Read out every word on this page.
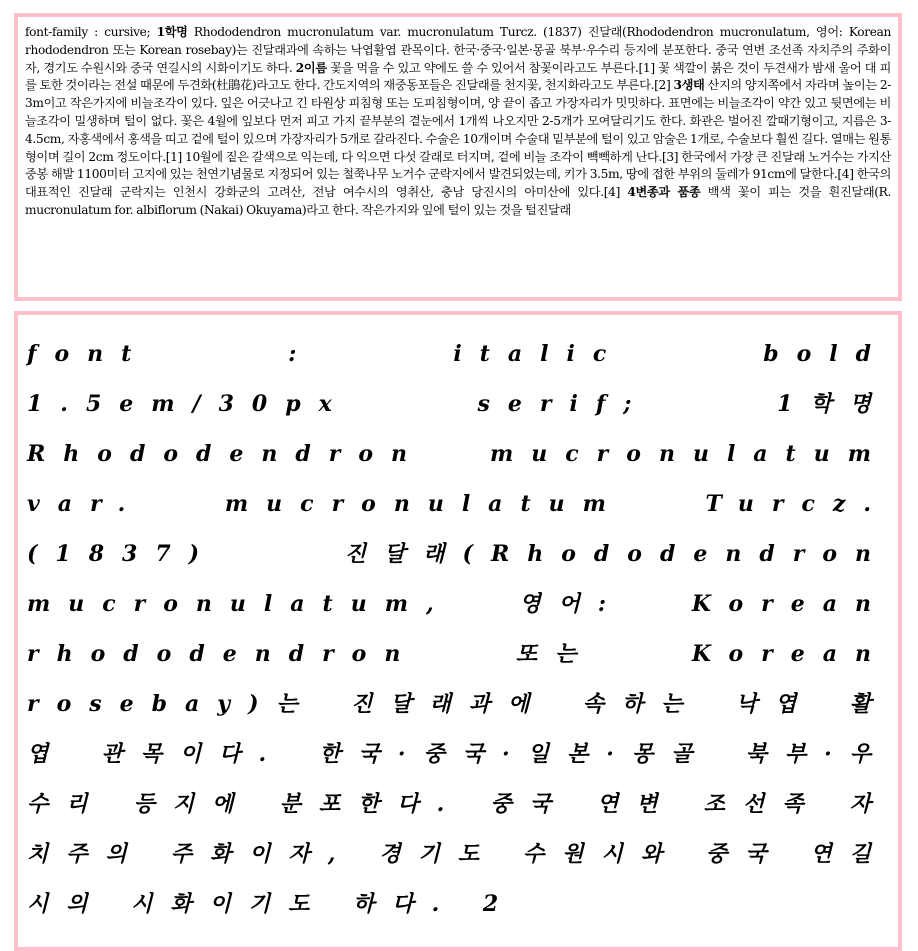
font-family : cursive; 1학명 Rhododendron mucronulatum var. mucronulatum Turcz. (1837) 진달래(Rhododendron mucronulatum, 영어: Korean rhododendron 또는 Korean rosebay)는 진달래과에 속하는 낙엽활엽 관목이다. 한국·중국·일본·몽골 북부·우수리 등지에 분포한다. 중국 연변 조선족 자치주의 주화이자, 경기도 수원시와 중국 연길시의 시화이기도 하다. 2이름 꽃을 먹을 수 있고 약에도 쓸 수 있어서 참꽃이라고도 부른다.[1] 꽃 색깔이 붉은 것이 두견새가 밤새 울어 대 피를 토한 것이라는 전설 때문에 두견화(杜鵑花)라고도 한다. 간도지역의 재중동포들은 진달래를 천지꽃, 천지화라고도 부른다.[2] 3생태 산지의 양지쪽에서 자라며 높이는 2-3m이고 작은가지에 비늘조각이 있다. 잎은 어긋나고 긴 타원상 피침형 또는 도피침형이며, 양 끝이 좁고 가장자리가 밋밋하다. 표면에는 비늘조각이 약간 있고 뒷면에는 비늘조각이 밀생하며 털이 없다. 꽃은 4월에 잎보다 먼저 피고 가지 끝부분의 곁눈에서 1개씩 나오지만 2-5개가 모여달리기도 한다. 화관은 벌어진 깔때기형이고, 지름은 3-4.5cm, 자홍색에서 홍색을 띠고 겉에 털이 있으며 가장자리가 5개로 갈라진다. 수술은 10개이며 수술대 밑부분에 털이 있고 암술은 1개로, 수술보다 훨씬 길다. 열매는 원통형이며 길이 2cm 정도이다.[1] 10월에 짙은 갈색으로 익는데, 다 익으면 다섯 갈래로 터지며, 겉에 비늘 조각이 빽빽하게 난다.[3] 한국에서 가장 큰 진달래 노거수는 가지산 중봉 해발 1100미터 고지에 있는 천연기념물로 지정되어 있는 철쭉나무 노거수 군락지에서 발견되었는데, 키가 3.5m, 땅에 접한 부위의 둘레가 91cm에 달한다.[4] 한국의 대표적인 진달래 군락지는 인천시 강화군의 고려산, 전남 여수시의 영취산, 충남 당진시의 아미산에 있다.[4] 4변종과 품종 백색 꽃이 피는 것을 흰진달래(R. mucronulatum for. albiflorum (Nakai) Okuyama)라고 한다. 작은가지와 잎에 털이 있는 것을 털진달래

font : italic bold 1.5em/30px serif; 1학명 Rhododendron mucronulatum var. mucronulatum Turcz. (1837) 진달래(Rhododendron mucronulatum, 영어: Korean rhododendron 또는 Korean rosebay)는 진달래과에 속하는 낙엽 활엽 관목이다. 한국·중국·일본·몽골 북부·우수리 등지에 분포한다. 중국 연변 조선족 자치주의 주화이자, 경기도 수원시와 중국 연길시의 시화이기도 하다. 2
